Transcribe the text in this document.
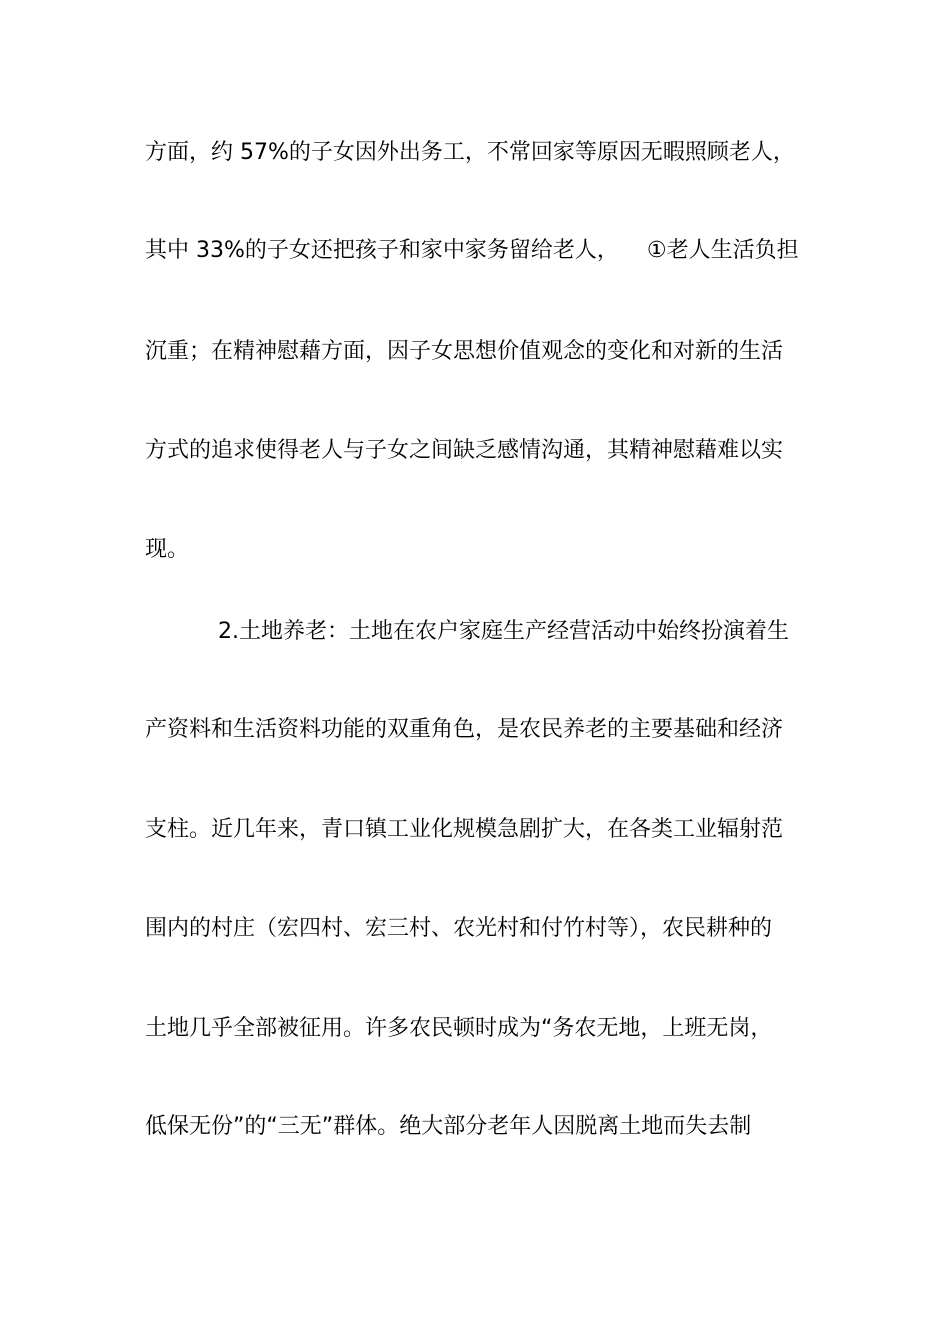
方面，约 57%的子女因外出务工，不常回家等原因无暇照顾老人，
其中 33%的子女还把孩子和家中家务留给老人，    ①老人生活负担
沉重；在精神慰藉方面，因子女思想价值观念的变化和对新的生活
方式的追求使得老人与子女之间缺乏感情沟通，其精神慰藉难以实
现。
2.土地养老：土地在农户家庭生产经营活动中始终扮演着生
产资料和生活资料功能的双重角色，是农民养老的主要基础和经济
支柱。近几年来，青口镇工业化规模急剧扩大，在各类工业辐射范
围内的村庄（宏四村、宏三村、农光村和付竹村等），农民耕种的
土地几乎全部被征用。许多农民顿时成为“务农无地，上班无岗，
低保无份”的“三无”群体。绝大部分老年人因脱离土地而失去制
